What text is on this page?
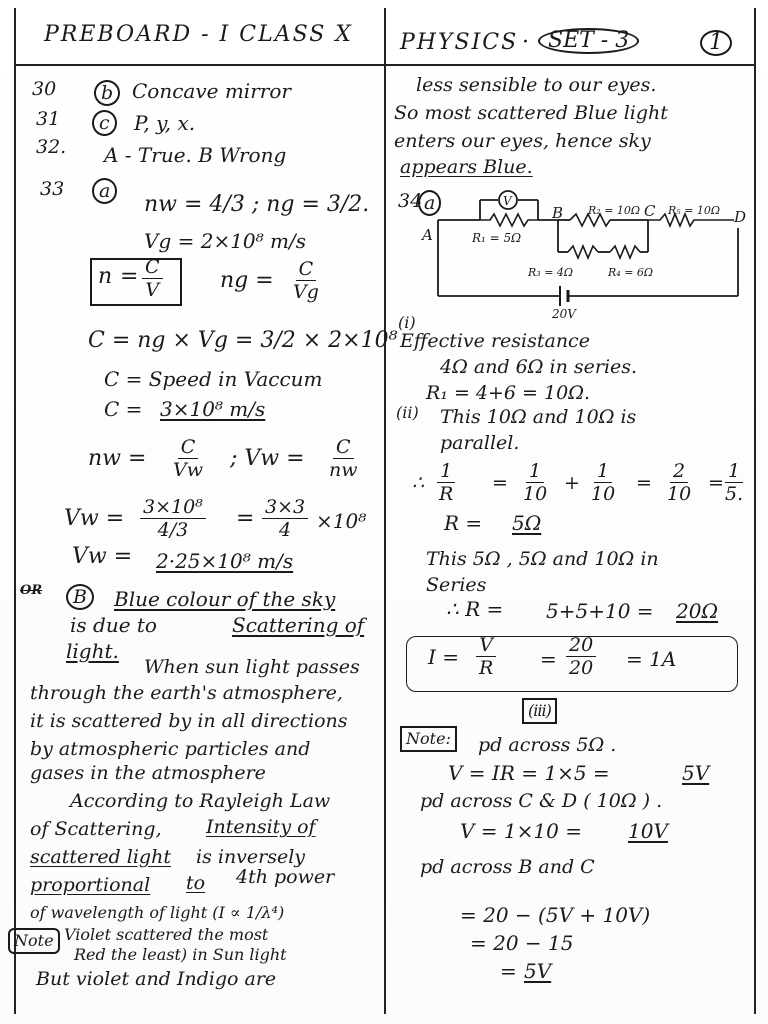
PREBOARD - I CLASS X PHYSICS · SET - 3	1
30	b Concave mirror
31	c	P, y, x.
32. A - True. B Wrong
33	a
nw = 4/3 ; ng = 3/2.
Vg = 2×10⁸ m/s
$n = \frac{C}{V}$	ng = $\frac{C}{Vg}$
C = ng × Vg = 3/2 × 2×10⁸
C = Speed in Vaccum
C = 3×10⁸ m/s
nw = $\frac{C}{Vw}$ ; $Vw = \frac{C}{nw}$
$Vw = \frac{\text{3×10⁸}}{4/3} = \frac{3\times 3}{4} \times 10^8$
Vw = 2·25×10⁸ m/s
OR	B	Blue colour of the sky
is due to	Scattering of
light.
When sun light passes
through the earth's atmosphere,
it is scattered by in all directions
by atmospheric particles and
gases in the atmosphere
According to Rayleigh Law
of Scattering, Intensity of
scattered light is inversely
proportional to 4th power
of wavelength of light (I ∝ 1/λ⁴)
Note Violet scattered the most
Red the least) in Sun light
But violet and Indigo are
less sensible to our eyes.
So most scattered Blue light
enters our eyes, hence sky
appears Blue.
34 a	V
R₁ = 5Ω
B R₂ = 10Ω
R₃ = 4Ω	R₄ = 6Ω
C R₅ = 10Ω D
20V
A
(i)
Effective resistance
4Ω and 6Ω in series.
R₁ = 4+6 = 10Ω.
(ii) This 10Ω and 10Ω is
parallel.
∴ $\frac{1}{R} = \frac{1}{10} + \frac{1}{10} = \frac{2}{10}$ =
$\frac{1}{5.}$
R = 5Ω
This 5Ω , 5Ω and 10Ω in
Series
∴ R = 5+5+10 = 20Ω
$I = \frac{V}{R} = \frac{20}{20} = 1A$
(iii)
Note:	pd across 5Ω .
V = IR = 1×5 =	5V
pd across C & D ( 10Ω ) .
V = 1×10 = 10V
pd across B and C
= 20 − (5V + 10V)
= 20 − 15
= 5V
